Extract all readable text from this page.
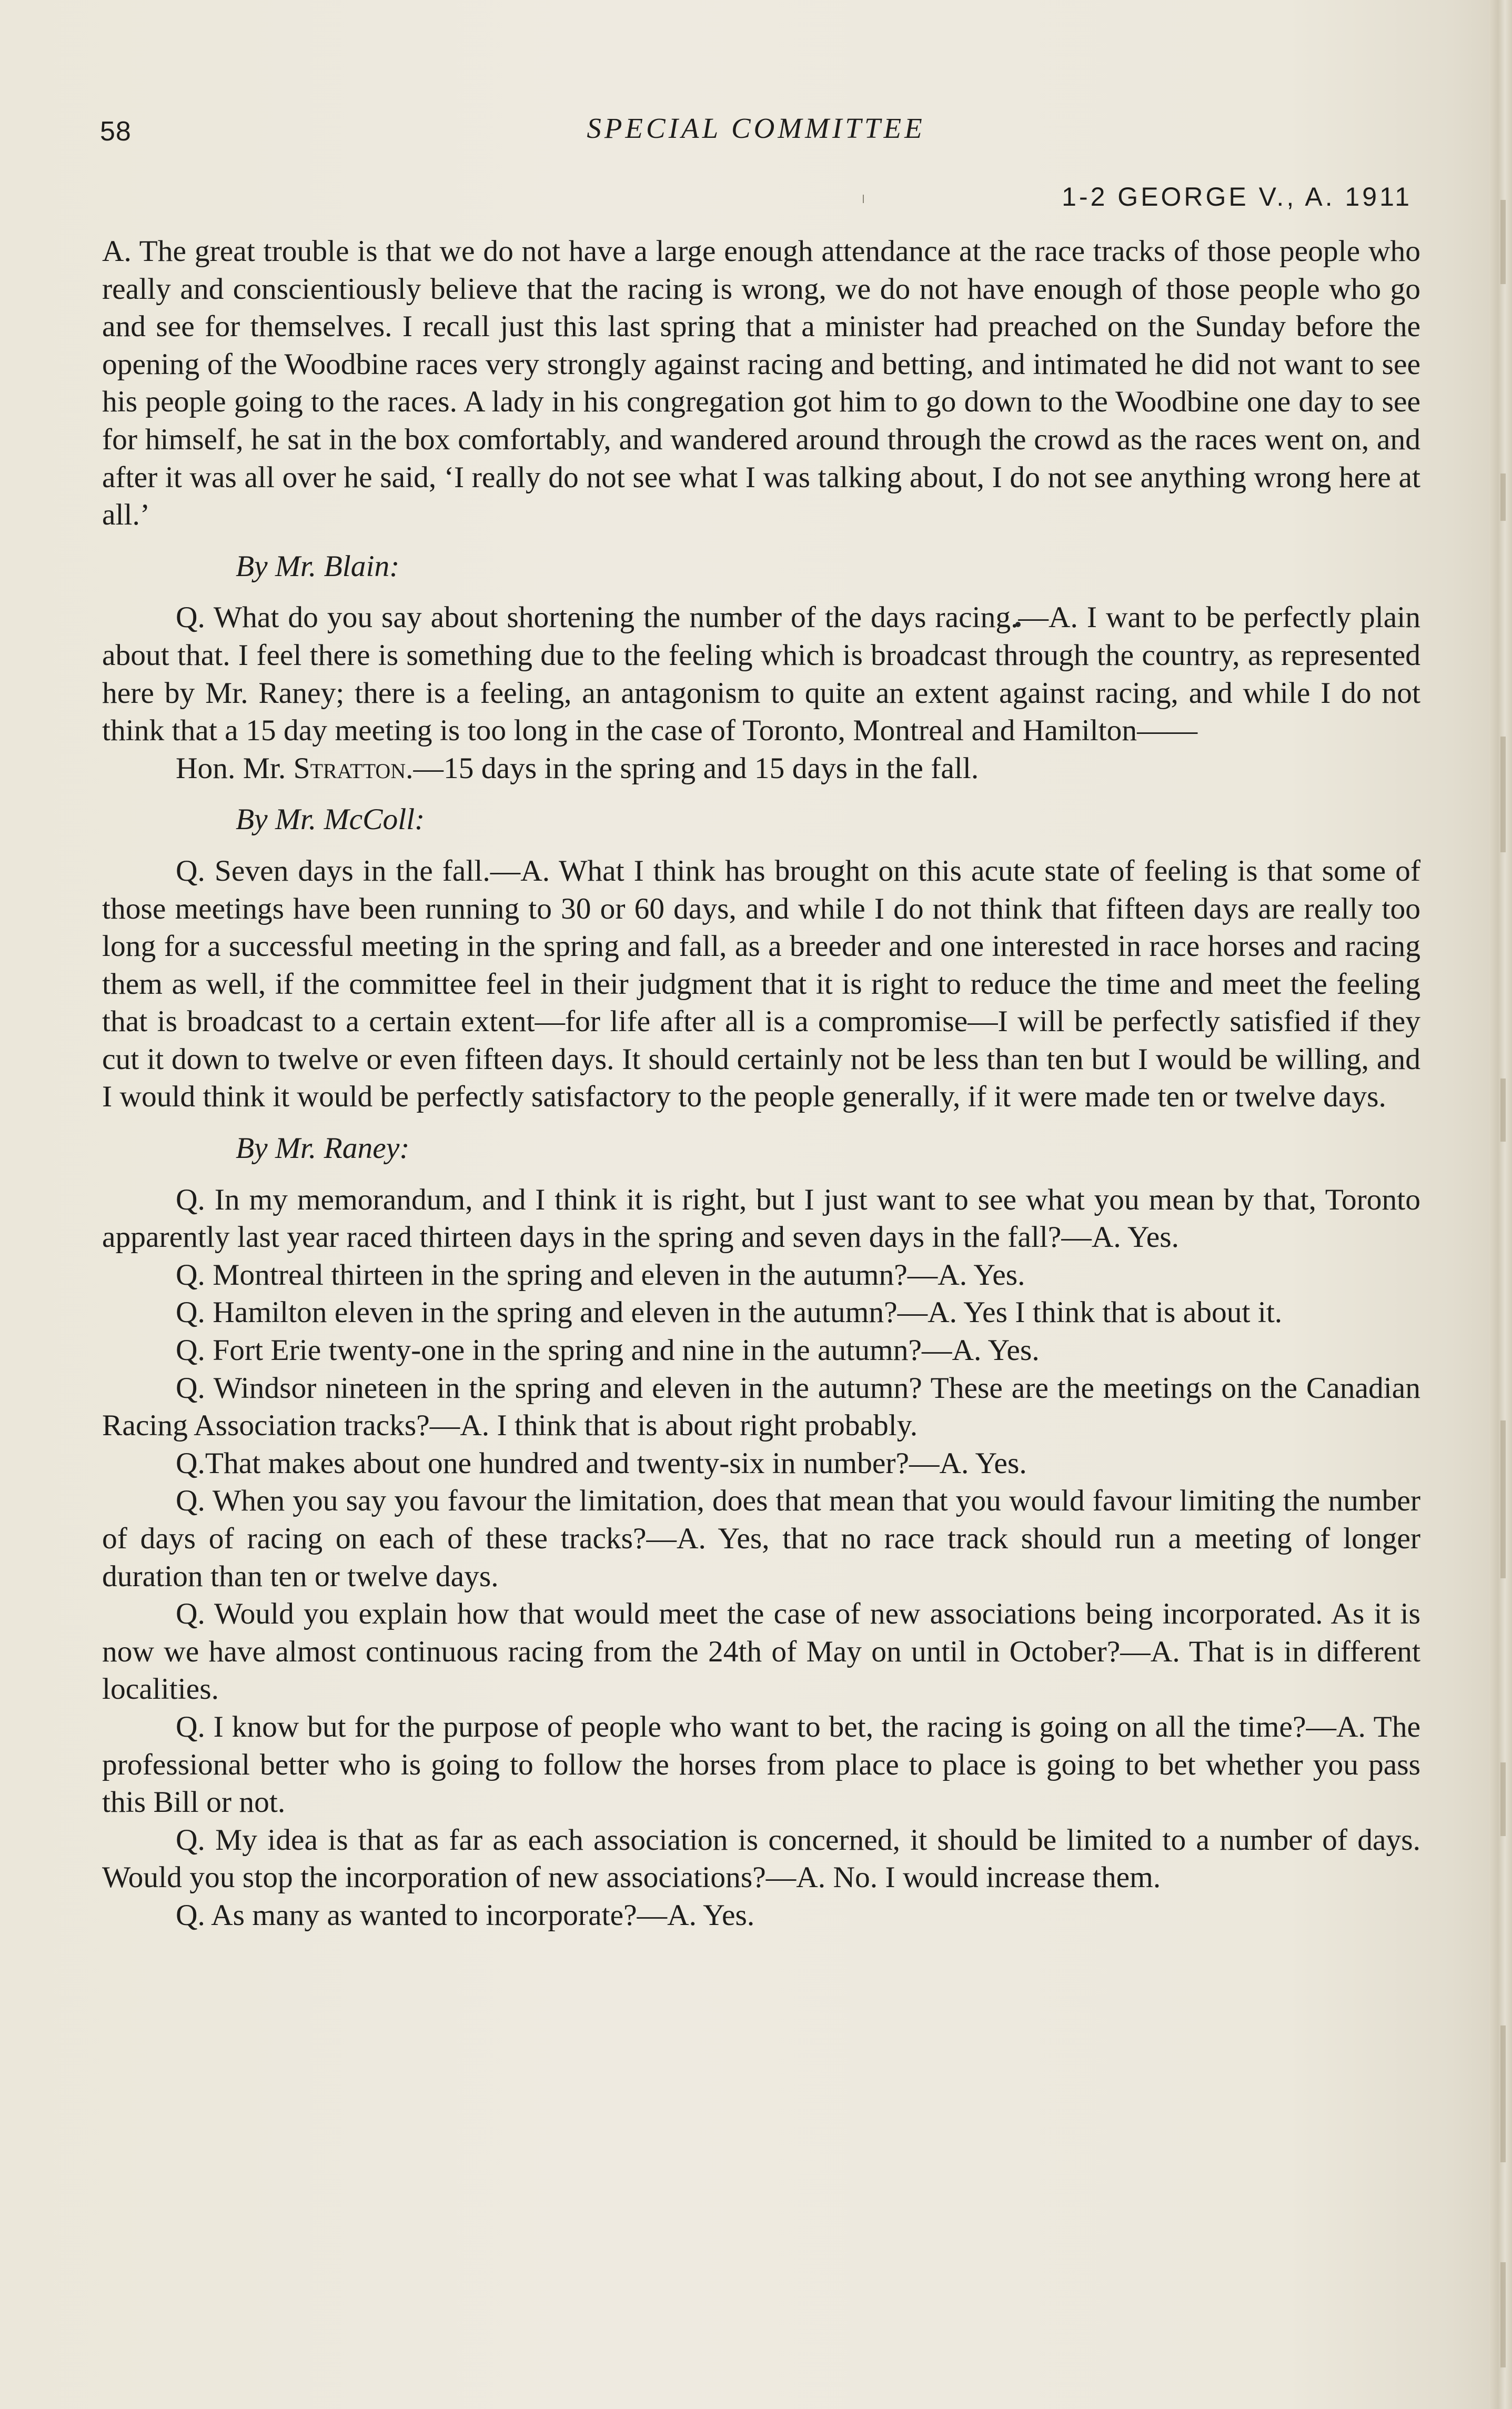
58	SPECIAL COMMITTEE
1-2 GEORGE V., A. 1911

A. The great trouble is that we do not have a large enough attendance at the race tracks of those people who really and conscientiously believe that the racing is wrong, we do not have enough of those people who go and see for themselves. I recall just this last spring that a minister had preached on the Sunday before the opening of the Woodbine races very strongly against racing and betting, and intimated he did not want to see his people going to the races. A lady in his congregation got him to go down to the Woodbine one day to see for himself, he sat in the box comfortably, and wandered around through the crowd as the races went on, and after it was all over he said, ‘I really do not see what I was talking about, I do not see anything wrong here at all.’

By Mr. Blain:

Q. What do you say about shortening the number of the days racing.—A. I want to be perfectly plain about that. I feel there is something due to the feeling which is broadcast through the country, as represented here by Mr. Raney; there is a feeling, an antagonism to quite an extent against racing, and while I do not think that a 15 day meeting is too long in the case of Toronto, Montreal and Hamilton——

Hon. Mr. Stratton.—15 days in the spring and 15 days in the fall.

By Mr. McColl:

Q. Seven days in the fall.—A. What I think has brought on this acute state of feeling is that some of those meetings have been running to 30 or 60 days, and while I do not think that fifteen days are really too long for a successful meeting in the spring and fall, as a breeder and one interested in race horses and racing them as well, if the committee feel in their judgment that it is right to reduce the time and meet the feeling that is broadcast to a certain extent—for life after all is a compromise—I will be perfectly satisfied if they cut it down to twelve or even fifteen days. It should certainly not be less than ten but I would be willing, and I would think it would be perfectly satisfactory to the people generally, if it were made ten or twelve days.

By Mr. Raney:

Q. In my memorandum, and I think it is right, but I just want to see what you mean by that, Toronto apparently last year raced thirteen days in the spring and seven days in the fall?—A. Yes.

Q. Montreal thirteen in the spring and eleven in the autumn?—A. Yes.

Q. Hamilton eleven in the spring and eleven in the autumn?—A. Yes I think that is about it.

Q. Fort Erie twenty-one in the spring and nine in the autumn?—A. Yes.

Q. Windsor nineteen in the spring and eleven in the autumn? These are the meetings on the Canadian Racing Association tracks?—A. I think that is about right probably.

Q.That makes about one hundred and twenty-six in number?—A. Yes.

Q. When you say you favour the limitation, does that mean that you would favour limiting the number of days of racing on each of these tracks?—A. Yes, that no race track should run a meeting of longer duration than ten or twelve days.

Q. Would you explain how that would meet the case of new associations being incorporated. As it is now we have almost continuous racing from the 24th of May on until in October?—A. That is in different localities.

Q. I know but for the purpose of people who want to bet, the racing is going on all the time?—A. The professional better who is going to follow the horses from place to place is going to bet whether you pass this Bill or not.

Q. My idea is that as far as each association is concerned, it should be limited to a number of days. Would you stop the incorporation of new associations?—A. No. I would increase them.

Q. As many as wanted to incorporate?—A. Yes.
